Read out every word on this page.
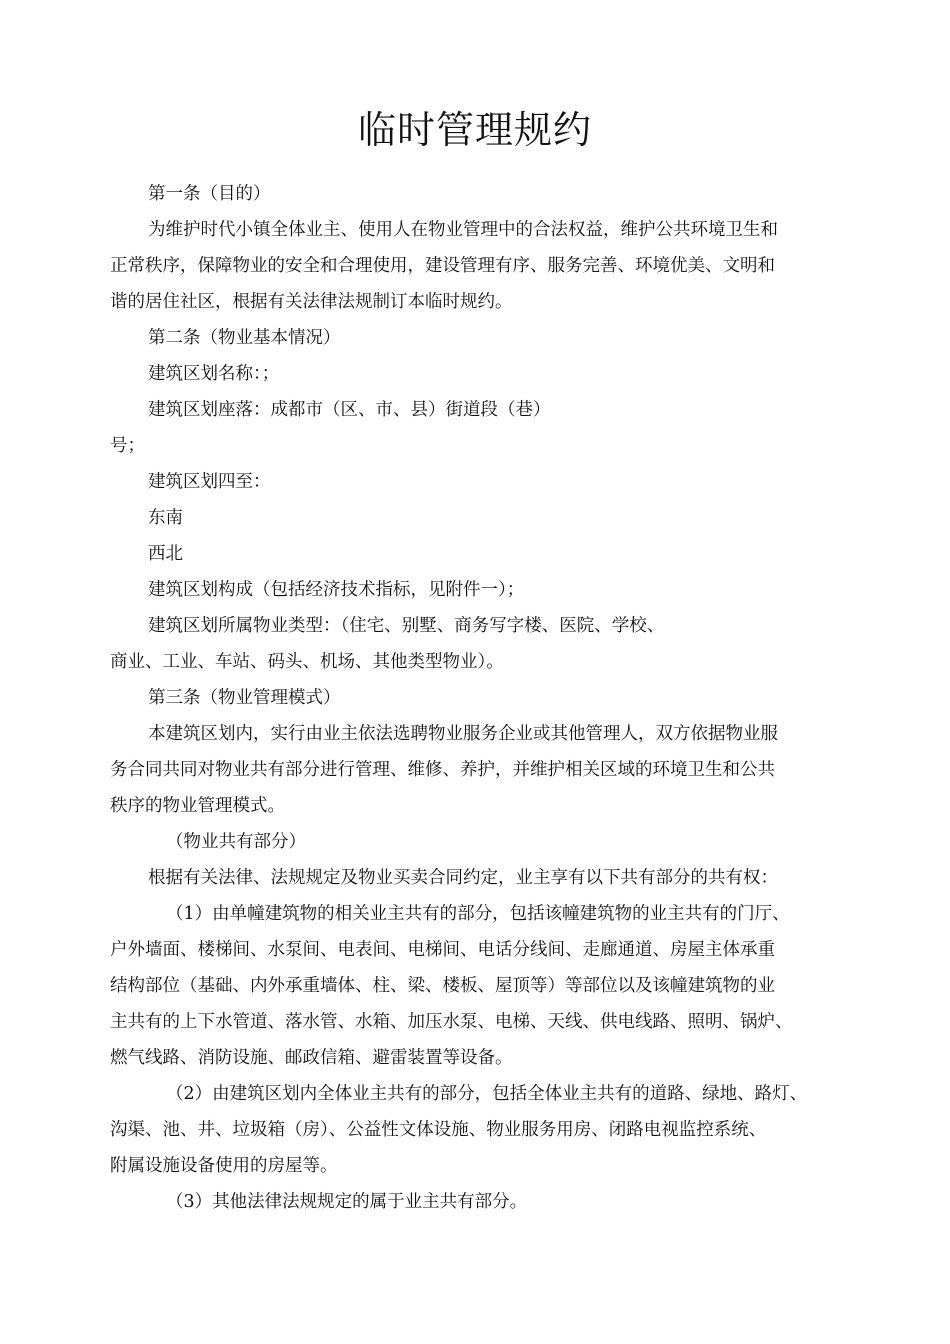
临时管理规约
第一条（目的）
为维护时代小镇全体业主、使用人在物业管理中的合法权益，维护公共环境卫生和
正常秩序，保障物业的安全和合理使用，建设管理有序、服务完善、环境优美、文明和
谐的居住社区，根据有关法律法规制订本临时规约。
第二条（物业基本情况）
建筑区划名称：；
建筑区划座落：成都市（区、市、县）街道段（巷）
号；
建筑区划四至：
东南
西北
建筑区划构成（包括经济技术指标，见附件一）；
建筑区划所属物业类型：（住宅、别墅、商务写字楼、医院、学校、
商业、工业、车站、码头、机场、其他类型物业）。
第三条（物业管理模式）
本建筑区划内，实行由业主依法选聘物业服务企业或其他管理人，双方依据物业服
务合同共同对物业共有部分进行管理、维修、养护，并维护相关区域的环境卫生和公共
秩序的物业管理模式。
（物业共有部分）
根据有关法律、法规规定及物业买卖合同约定，业主享有以下共有部分的共有权：
（1）由单幢建筑物的相关业主共有的部分，包括该幢建筑物的业主共有的门厅、
户外墙面、楼梯间、水泵间、电表间、电梯间、电话分线间、走廊通道、房屋主体承重
结构部位（基础、内外承重墙体、柱、梁、楼板、屋顶等）等部位以及该幢建筑物的业
主共有的上下水管道、落水管、水箱、加压水泵、电梯、天线、供电线路、照明、锅炉、
燃气线路、消防设施、邮政信箱、避雷装置等设备。
（2）由建筑区划内全体业主共有的部分，包括全体业主共有的道路、绿地、路灯、
沟渠、池、井、垃圾箱（房）、公益性文体设施、物业服务用房、闭路电视监控系统、
附属设施设备使用的房屋等。
（3）其他法律法规规定的属于业主共有部分。
